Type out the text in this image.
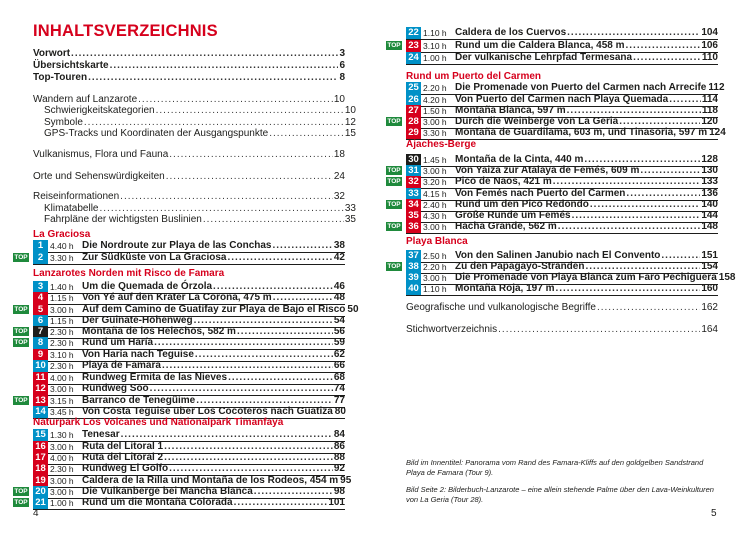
INHALTSVERZEICHNIS
Vorwort .....	3
Übersichtskarte .....	6
Top-Touren .....	8
Wandern auf Lanzarote .....	10
Schwierigkeitskategorien .....	10
Symbole .....	12
GPS-Tracks und Koordinaten der Ausgangspunkte .....	15
Vulkanismus, Flora und Fauna .....	18
Orte und Sehenswürdigkeiten .....	24
Reiseinformationen .....	32
Klimatabelle .....	33
Fahrpläne der wichtigsten Buslinien .....	35
La Graciosa
1 4.40 h Die Nordroute zur Playa de las Conchas .....	38
TOP	2 3.30 h Zur Südküste von La Graciosa .....	42
Lanzarotes Norden mit Risco de Famara
3 1.40 h Um die Quemada de Órzola .....	46
4 1.15 h Von Yé auf den Krater La Corona, 475 m .....	48
TOP	5 3.00 h Auf dem Camino de Guatifay zur Playa de Bajo el Risco 50
6 1.15 h Der Guinate-Höhenweg .....	54
TOP	7 2.30 h Montaña de los Helechos, 582 m .....	56
TOP	8 2.30 h Rund um Haría .....	59
9 3.10 h Von Haría nach Teguise .....	62
10 2.30 h Playa de Famara .....	66
11 4.00 h Rundweg Ermita de las Nieves .....	68
12 3.00 h Rundweg Soo .....	74
TOP 13 3.15 h Barranco de Tenegüime .....	77
14 3.45 h Von Costa Teguise über Los Cocoteros nach Guatiza 80
Naturpark Los Volcanes und Nationalpark Timanfaya
15 1.30 h Tenesar .....	84
16 3.00 h Ruta del Litoral 1 .....	86
17 4.00 h Ruta del Litoral 2 .....	88
18 2.30 h Rundweg El Golfo .....	92
19 3.00 h Caldera de la Rilla und Montaña de los Rodeos, 454 m 95
TOP 20 3.00 h Die Vulkanberge bei Mancha Blanca .....	98
TOP 21 1.00 h Rund um die Montaña Colorada .....	101
22 1.10 h Caldera de los Cuervos .....	104
TOP 23 3.10 h Rund um die Caldera Blanca, 458 m .....	106
24 1.00 h Der vulkanische Lehrpfad Termesana .....	110
Rund um Puerto del Carmen
25 2.20 h Die Promenade von Puerto del Carmen nach Arrecife 112
26 4.20 h Von Puerto del Carmen nach Playa Quemada .....	114
27 1.50 h Montaña Blanca, 597 m .....	118
TOP 28 3.00 h Durch die Weinberge von La Geria .....	120
29 3.30 h Montaña de Guardilama, 603 m, und Tinasoria, 597 m 124
Ajaches-Berge
30 1.45 h Montaña de la Cinta, 440 m .....	128
TOP 31 3.00 h Von Yaiza zur Atalaya de Femés, 609 m .....	130
TOP 32 3.20 h Pico de Naos, 421 m .....	133
33 4.15 h Von Femés nach Puerto del Carmen .....	136
TOP 34 2.40 h Rund um den Pico Redondo .....	140
35 4.30 h Große Runde um Femés .....	144
TOP 36 3.00 h Hacha Grande, 562 m .....	148
Playa Blanca
37 2.50 h Von den Salinen Janubio nach El Convento .....	151
TOP 38 2.20 h Zu den Papagayo-Stränden .....	154
39 3.00 h Die Promenade von Playa Blanca zum Faro Pechiguera 158
40 1.10 h Montaña Roja, 197 m .....	160
Geografische und vulkanologische Begriffe .....	162
Stichwortverzeichnis .....	164
Bild im Innentitel: Panorama vom Rand des Famara-Kliffs auf den goldgelben Sandstrand Playa de Famara (Tour 9).
Bild Seite 2: Bilderbuch-Lanzarote – eine allein stehende Palme über den Lava-Weinkulturen von La Geria (Tour 28).
4	5
